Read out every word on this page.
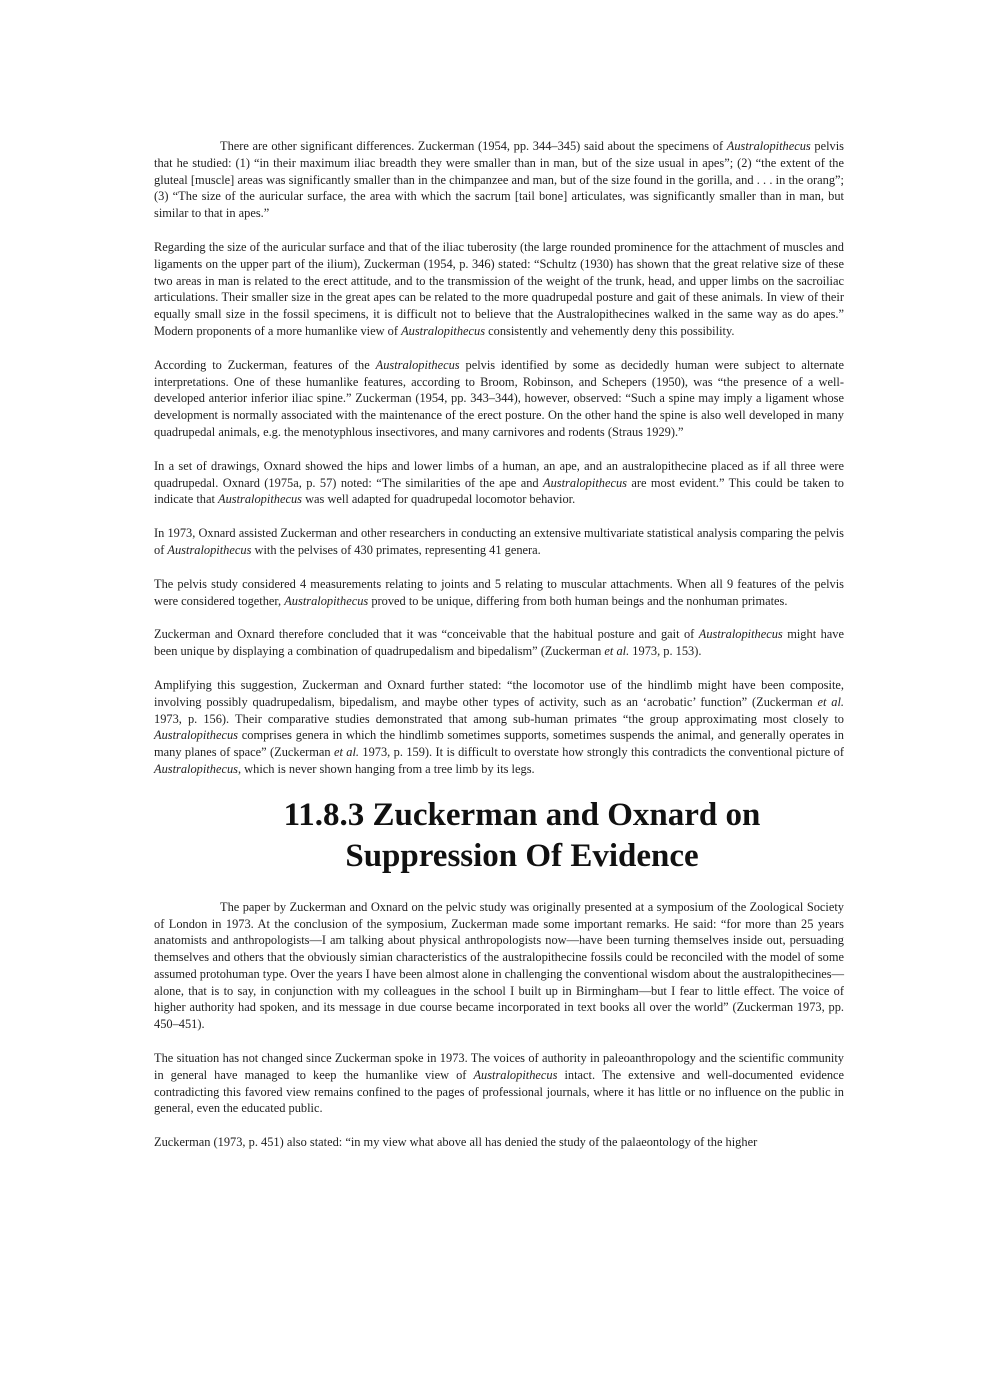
There are other significant differences. Zuckerman (1954, pp. 344–345) said about the specimens of Australopithecus pelvis that he studied: (1) “in their maximum iliac breadth they were smaller than in man, but of the size usual in apes”; (2) “the extent of the gluteal [muscle] areas was significantly smaller than in the chimpanzee and man, but of the size found in the gorilla, and . . . in the orang”; (3) “The size of the auricular surface, the area with which the sacrum [tail bone] articulates, was significantly smaller than in man, but similar to that in apes.”

Regarding the size of the auricular surface and that of the iliac tuberosity (the large rounded prominence for the attachment of muscles and ligaments on the upper part of the ilium), Zuckerman (1954, p. 346) stated: “Schultz (1930) has shown that the great relative size of these two areas in man is related to the erect attitude, and to the transmission of the weight of the trunk, head, and upper limbs on the sacroiliac articulations. Their smaller size in the great apes can be related to the more quadrupedal posture and gait of these animals. In view of their equally small size in the fossil specimens, it is difficult not to believe that the Australopithecines walked in the same way as do apes.” Modern proponents of a more humanlike view of Australopithecus consistently and vehemently deny this possibility.

According to Zuckerman, features of the Australopithecus pelvis identified by some as decidedly human were subject to alternate interpretations. One of these humanlike features, according to Broom, Robinson, and Schepers (1950), was “the presence of a well-developed anterior inferior iliac spine.” Zuckerman (1954, pp. 343–344), however, observed: “Such a spine may imply a ligament whose development is normally associated with the maintenance of the erect posture. On the other hand the spine is also well developed in many quadrupedal animals, e.g. the menotyphlous insectivores, and many carnivores and rodents (Straus 1929).”

In a set of drawings, Oxnard showed the hips and lower limbs of a human, an ape, and an australopithecine placed as if all three were quadrupedal. Oxnard (1975a, p. 57) noted: “The similarities of the ape and Australopithecus are most evident.” This could be taken to indicate that Australopithecus was well adapted for quadrupedal locomotor behavior.

In 1973, Oxnard assisted Zuckerman and other researchers in conducting an extensive multivariate statistical analysis comparing the pelvis of Australopithecus with the pelvises of 430 primates, representing 41 genera.

The pelvis study considered 4 measurements relating to joints and 5 relating to muscular attachments. When all 9 features of the pelvis were considered together, Australopithecus proved to be unique, differing from both human beings and the nonhuman primates.

Zuckerman and Oxnard therefore concluded that it was “conceivable that the habitual posture and gait of Australopithecus might have been unique by displaying a combination of quadrupedalism and bipedalism” (Zuckerman et al. 1973, p. 153).

Amplifying this suggestion, Zuckerman and Oxnard further stated: “the locomotor use of the hindlimb might have been composite, involving possibly quadrupedalism, bipedalism, and maybe other types of activity, such as an ‘acrobatic’ function” (Zuckerman et al. 1973, p. 156). Their comparative studies demonstrated that among sub-human primates “the group approximating most closely to Australopithecus comprises genera in which the hindlimb sometimes supports, sometimes suspends the animal, and generally operates in many planes of space” (Zuckerman et al. 1973, p. 159). It is difficult to overstate how strongly this contradicts the conventional picture of Australopithecus, which is never shown hanging from a tree limb by its legs.

11.8.3 Zuckerman and Oxnard on Suppression Of Evidence

The paper by Zuckerman and Oxnard on the pelvic study was originally presented at a symposium of the Zoological Society of London in 1973. At the conclusion of the symposium, Zuckerman made some important remarks. He said: “for more than 25 years anatomists and anthropologists—I am talking about physical anthropologists now—have been turning themselves inside out, persuading themselves and others that the obviously simian characteristics of the australopithecine fossils could be reconciled with the model of some assumed protohuman type. Over the years I have been almost alone in challenging the conventional wisdom about the australopithecines—alone, that is to say, in conjunction with my colleagues in the school I built up in Birmingham—but I fear to little effect. The voice of higher authority had spoken, and its message in due course became incorporated in text books all over the world” (Zuckerman 1973, pp. 450–451).

The situation has not changed since Zuckerman spoke in 1973. The voices of authority in paleoanthropology and the scientific community in general have managed to keep the humanlike view of Australopithecus intact. The extensive and well-documented evidence contradicting this favored view remains confined to the pages of professional journals, where it has little or no influence on the public in general, even the educated public.

Zuckerman (1973, p. 451) also stated: “in my view what above all has denied the study of the palaeontology of the higher
